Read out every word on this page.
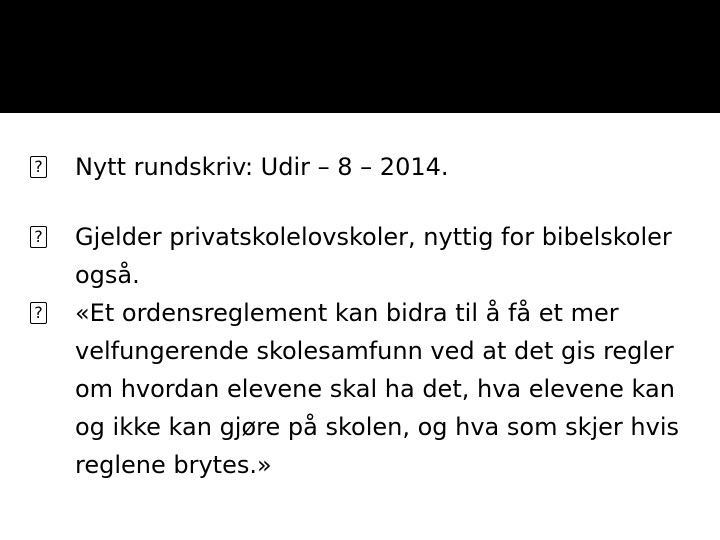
? Nytt rundskriv: Udir – 8 – 2014.

? Gjelder privatskolelovskoler, nyttig for bibelskoler også.

? «Et ordensreglement kan bidra til å få et mer velfungerende skolesamfunn ved at det gis regler om hvordan elevene skal ha det, hva elevene kan og ikke kan gjøre på skolen, og hva som skjer hvis reglene brytes.»
